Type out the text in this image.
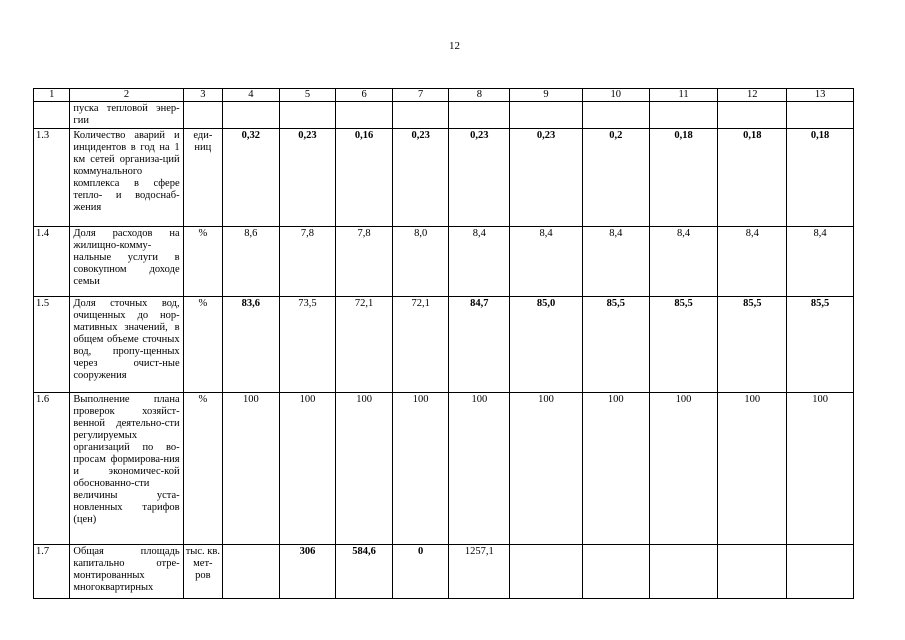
12
1	2	3	4	5	6	7	8	9	10	11	12	13
	пуска тепловой энер-гии											
1.3	Количество аварий и инцидентов в год на 1 км сетей организа-ций коммунального комплекса в сфере тепло- и водоснаб-жения	еди-ниц	0,32	0,23	0,16	0,23	0,23	0,23	0,2	0,18	0,18	0,18
1.4	Доля расходов на жилищно-комму-нальные услуги в совокупном доходе семьи	%	8,6	7,8	7,8	8,0	8,4	8,4	8,4	8,4	8,4	8,4
1.5	Доля сточных вод, очищенных до нор-мативных значений, в общем объеме сточных вод, пропу-щенных через очист-ные сооружения	%	83,6	73,5	72,1	72,1	84,7	85,0	85,5	85,5	85,5	85,5
1.6	Выполнение плана проверок хозяйст-венной деятельно-сти регулируемых организаций по во-просам формирова-ния и экономичес-кой обоснованно-сти величины уста-новленных тарифов (цен)	%	100	100	100	100	100	100	100	100	100	100
1.7	Общая площадь капитально отре-монтированных многоквартирных	тыс. кв. мет-ров		306	584,6	0	1257,1					
